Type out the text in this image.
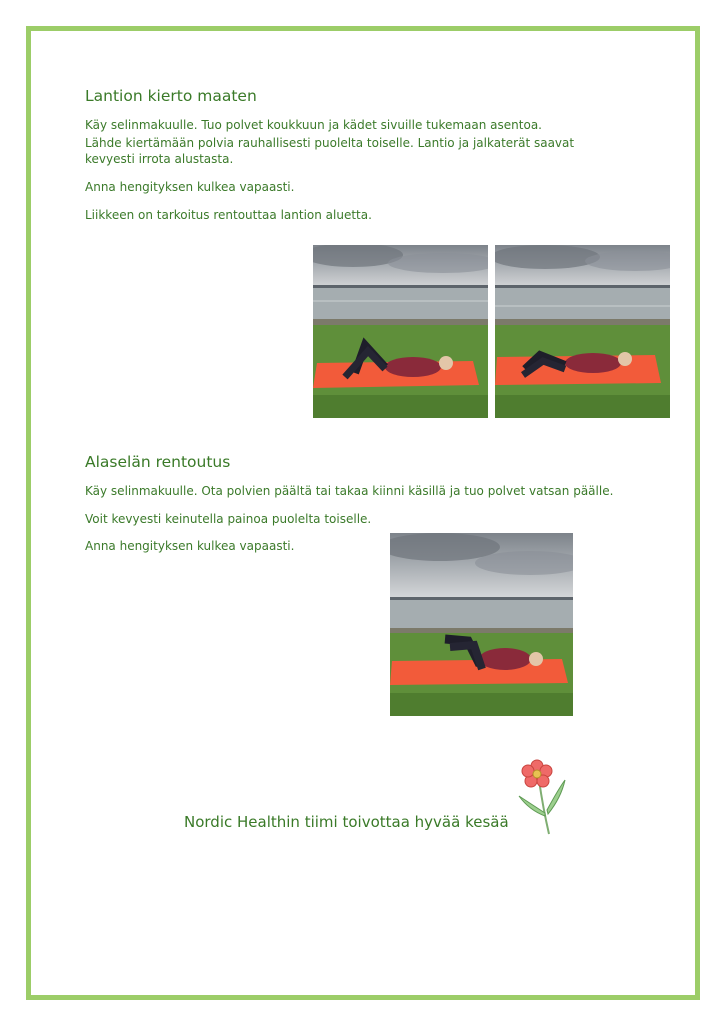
Lantion kierto maaten
Käy selinmakuulle. Tuo polvet koukkuun ja kädet sivuille tukemaan asentoa.
Lähde kiertämään polvia rauhallisesti puolelta toiselle. Lantio ja jalkaterät saavat
kevyesti irrota alustasta.
Anna hengityksen kulkea vapaasti.
Liikkeen on tarkoitus rentouttaa lantion aluetta.
Alaselän rentoutus
Käy selinmakuulle. Ota polvien päältä tai takaa kiinni käsillä ja tuo polvet vatsan päälle.
Voit kevyesti keinutella painoa puolelta toiselle.
Anna hengityksen kulkea vapaasti.
Nordic Healthin tiimi toivottaa hyvää kesää
